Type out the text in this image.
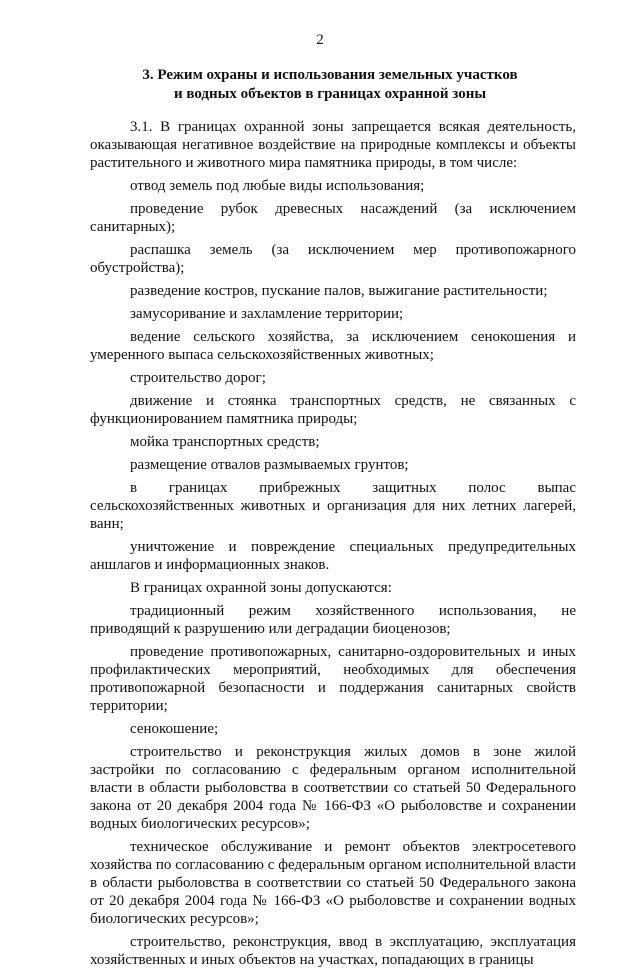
2
3. Режим охраны и использования земельных участков
и водных объектов в границах охранной зоны

3.1. В границах охранной зоны запрещается всякая деятельность, оказывающая негативное воздействие на природные комплексы и объекты растительного и животного мира памятника природы, в том числе:

отвод земель под любые виды использования;

проведение рубок древесных насаждений (за исключением санитарных);

распашка земель (за исключением мер противопожарного обустройства);

разведение костров, пускание палов, выжигание растительности;

замусоривание и захламление территории;

ведение сельского хозяйства, за исключением сенокошения и умеренного выпаса сельскохозяйственных животных;

строительство дорог;

движение и стоянка транспортных средств, не связанных с функционированием памятника природы;

мойка транспортных средств;

размещение отвалов размываемых грунтов;

в границах прибрежных защитных полос выпас сельскохозяйственных животных и организация для них летних лагерей, ванн;

уничтожение и повреждение специальных предупредительных аншлагов и информационных знаков.

В границах охранной зоны допускаются:

традиционный режим хозяйственного использования, не приводящий к разрушению или деградации биоценозов;

проведение противопожарных, санитарно-оздоровительных и иных профилактических мероприятий, необходимых для обеспечения противопожарной безопасности и поддержания санитарных свойств территории;

сенокошение;

строительство и реконструкция жилых домов в зоне жилой застройки по согласованию с федеральным органом исполнительной власти в области рыболовства в соответствии со статьей 50 Федерального закона от 20 декабря 2004 года № 166-ФЗ «О рыболовстве и сохранении водных биологических ресурсов»;

техническое обслуживание и ремонт объектов электросетевого хозяйства по согласованию с федеральным органом исполнительной власти в области рыболовства в соответствии со статьей 50 Федерального закона от 20 декабря 2004 года № 166-ФЗ «О рыболовстве и сохранении водных биологических ресурсов»;

строительство, реконструкция, ввод в эксплуатацию, эксплуатация хозяйственных и иных объектов на участках, попадающих в границы
